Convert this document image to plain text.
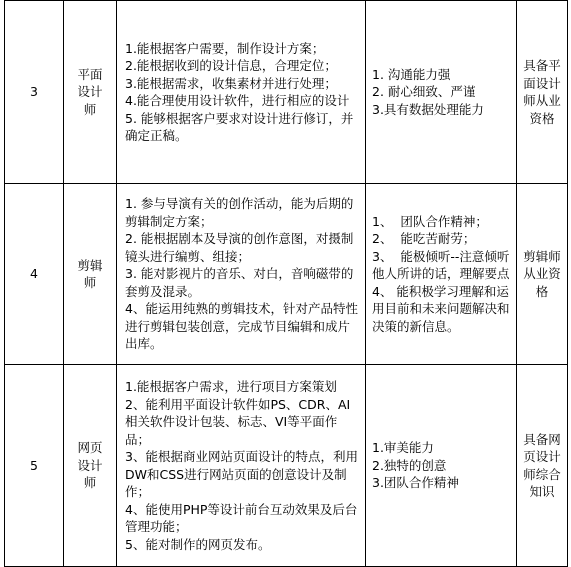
3	平面
设计
师	1.能根据客户需要，制作设计方案；
2.能根据收到的设计信息，合理定位；
3.能根据需求，收集素材并进行处理；
4.能合理使用设计软件，进行相应的设计
5. 能够根据客户要求对设计进行修订，并确定正稿。	1. 沟通能力强
2. 耐心细致、严谨
3.具有数据处理能力	具备平面设计师从业资格
4	剪辑
师	1. 参与导演有关的创作活动，能为后期的剪辑制定方案；
2. 能根据剧本及导演的创作意图，对摄制镜头进行编剪、组接；
3. 能对影视片的音乐、对白，音响磁带的套剪及混录。
4、能运用纯熟的剪辑技术，针对产品特性进行剪辑包装创意，完成节目编辑和成片出库。	1、  团队合作精神；
2、  能吃苦耐劳；
3、  能极倾听--注意倾听他人所讲的话，理解要点
4、 能积极学习理解和运用目前和未来问题解决和决策的新信息。	剪辑师从业资格
5	网页
设计
师	1.能根据客户需求，进行项目方案策划
2、能利用平面设计软件如PS、CDR、AI相关软件设计包装、标志、VI等平面作品；
3、能根据商业网站页面设计的特点，利用DW和CSS进行网站页面的创意设计及制作；
4、能使用PHP等设计前台互动效果及后台管理功能；
5、能对制作的网页发布。	1.审美能力
2.独特的创意
3.团队合作精神	具备网页设计师综合知识
